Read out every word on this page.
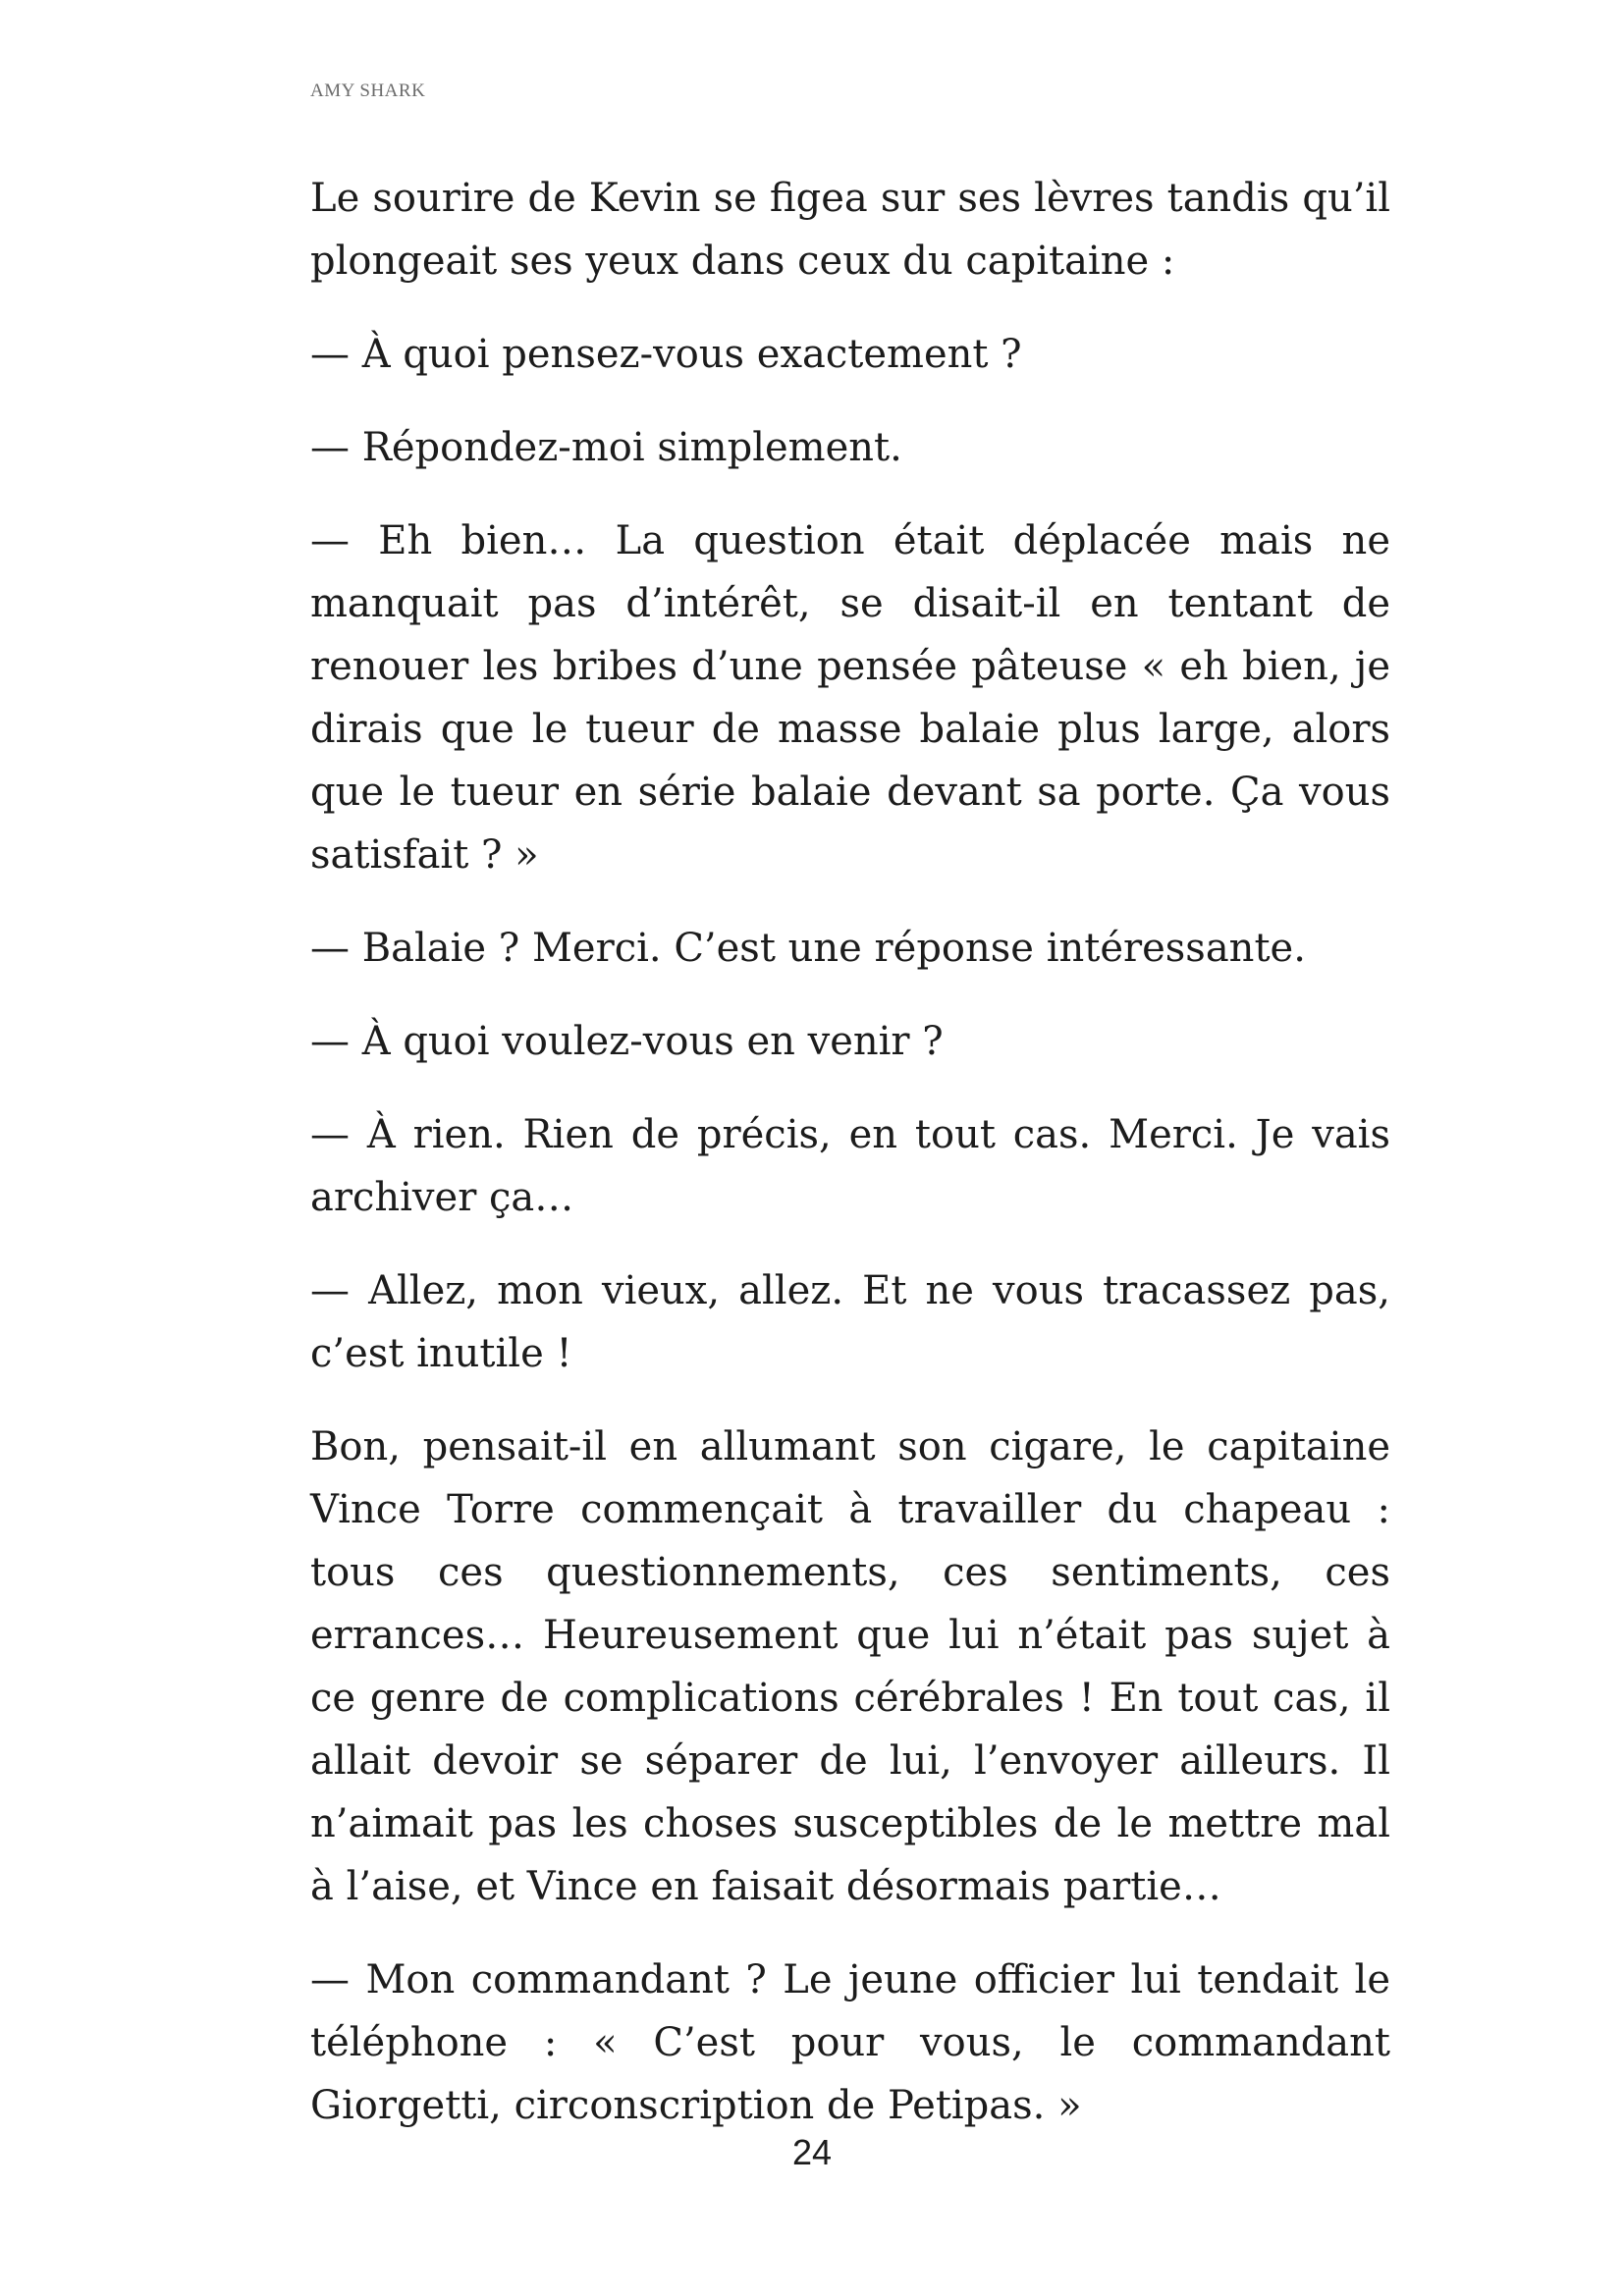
AMY SHARK

Le sourire de Kevin se figea sur ses lèvres tandis qu’il plongeait ses yeux dans ceux du capitaine :

— À quoi pensez-vous exactement ?

— Répondez-moi simplement.

— Eh bien… La question était déplacée mais ne manquait pas d’intérêt, se disait-il en tentant de renouer les bribes d’une pensée pâteuse « eh bien, je dirais que le tueur de masse balaie plus large, alors que le tueur en série balaie devant sa porte. Ça vous satisfait ? »

— Balaie ? Merci. C’est une réponse intéressante.

— À quoi voulez-vous en venir ?

— À rien. Rien de précis, en tout cas. Merci. Je vais archiver ça…

— Allez, mon vieux, allez. Et ne vous tracassez pas, c’est inutile !

Bon, pensait-il en allumant son cigare, le capitaine Vince Torre commençait à travailler du chapeau : tous ces questionnements, ces sentiments, ces errances… Heureusement que lui n’était pas sujet à ce genre de complications cérébrales ! En tout cas, il allait devoir se séparer de lui, l’envoyer ailleurs. Il n’aimait pas les choses susceptibles de le mettre mal à l’aise, et Vince en faisait désormais partie…

— Mon commandant ? Le jeune officier lui tendait le téléphone : « C’est pour vous, le commandant Giorgetti, circonscription de Petipas. »

24
